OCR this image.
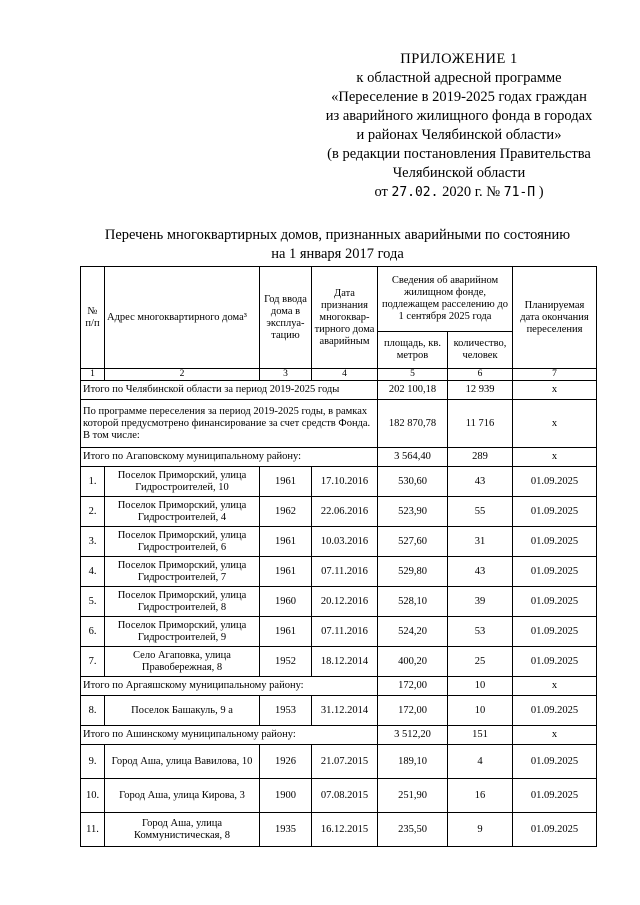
ПРИЛОЖЕНИЕ 1
к областной адресной программе
«Переселение в 2019-2025 годах граждан
из аварийного жилищного фонда в городах
и районах Челябинской области»
(в редакции постановления Правительства
Челябинской области
от 27.02. 2020 г. № 71-П )
Перечень многоквартирных домов, признанных аварийными по состоянию
на 1 января 2017 года
№ п/п	Адрес многоквартирного дома³	Год ввода дома в эксплуа-тацию	Дата признания многоквар-тирного дома аварийным	Сведения об аварийном жилищном фонде, подлежащем расселению до 1 сентября 2025 года		Планируемая дата окончания переселения
				площадь, кв. метров	количество, человек	
1	2	3	4	5	6	7
Итого по Челябинской области за период 2019-2025 годы				202 100,18	12 939	х
По программе переселения за период 2019-2025 годы, в рамках которой предусмотрено финансирование за счет средств Фонда. В том числе:				182 870,78	11 716	х
Итого по Агаповскому муниципальному району:				3 564,40	289	х
1.	Поселок Приморский, улица Гидростроителей, 10	1961	17.10.2016	530,60	43	01.09.2025
2.	Поселок Приморский, улица Гидростроителей, 4	1962	22.06.2016	523,90	55	01.09.2025
3.	Поселок Приморский, улица Гидростроителей, 6	1961	10.03.2016	527,60	31	01.09.2025
4.	Поселок Приморский, улица Гидростроителей, 7	1961	07.11.2016	529,80	43	01.09.2025
5.	Поселок Приморский, улица Гидростроителей, 8	1960	20.12.2016	528,10	39	01.09.2025
6.	Поселок Приморский, улица Гидростроителей, 9	1961	07.11.2016	524,20	53	01.09.2025
7.	Село Агаповка, улица Правобережная, 8	1952	18.12.2014	400,20	25	01.09.2025
Итого по Аргаяшскому муниципальному району:				172,00	10	х
8.	Поселок Башакуль, 9 а	1953	31.12.2014	172,00	10	01.09.2025
Итого по Ашинскому муниципальному району:				3 512,20	151	х
9.	Город Аша, улица Вавилова, 10	1926	21.07.2015	189,10	4	01.09.2025
10.	Город Аша, улица Кирова, 3	1900	07.08.2015	251,90	16	01.09.2025
11.	Город Аша, улица Коммунистическая, 8	1935	16.12.2015	235,50	9	01.09.2025
